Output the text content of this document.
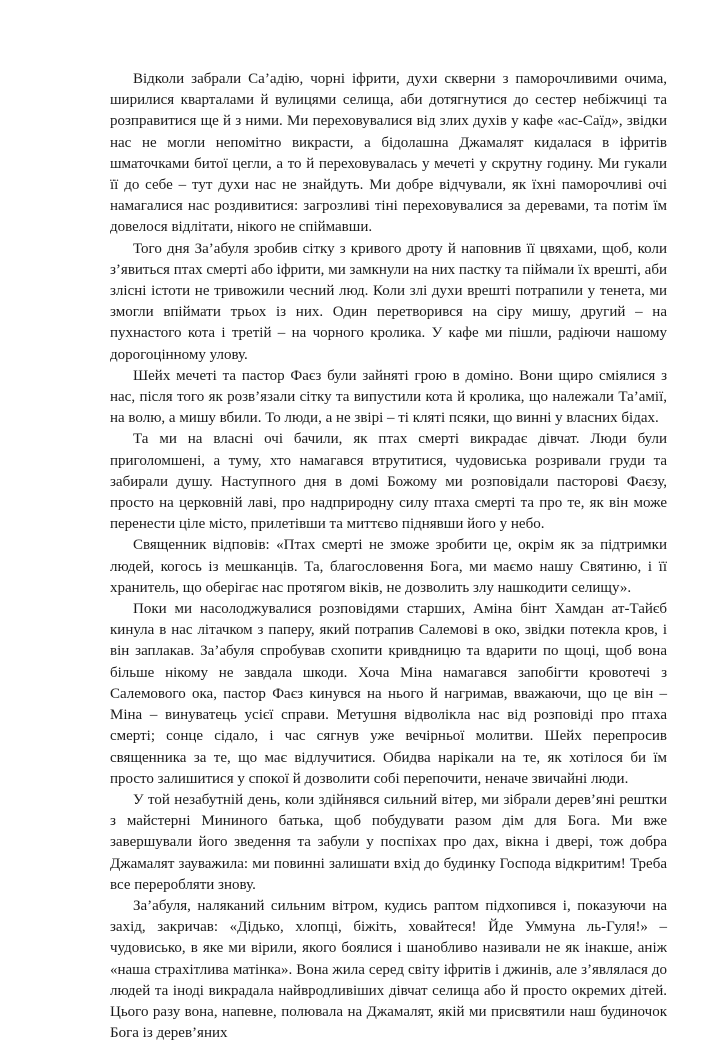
Відколи забрали Са’адію, чорні іфрити, духи скверни з паморочливими очима, ширилися кварталами й вулицями селища, аби дотягнутися до сестер небіжчиці та розправитися ще й з ними. Ми переховувалися від злих духів у кафе «ас-Саїд», звідки нас не могли непомітно викрасти, а бідолашна Джамалят кидалася в іфритів шматочками битої цегли, а то й переховувалась у мечеті у скрутну годину. Ми гукали її до себе – тут духи нас не знайдуть. Ми добре відчували, як їхні паморочливі очі намагалися нас роздивитися: загрозливі тіні переховувалися за деревами, та потім їм довелося відлітати, нікого не спіймавши.

Того дня За’абуля зробив сітку з кривого дроту й наповнив її цвяхами, щоб, коли з’явиться птах смерті або іфрити, ми замкнули на них пастку та піймали їх врешті, аби злісні істоти не тривожили чесний люд. Коли злі духи врешті потрапили у тенета, ми змогли впіймати трьох із них. Один перетворився на сіру мишу, другий – на пухнастого кота і третій – на чорного кролика. У кафе ми пішли, радіючи нашому дорогоцінному улову.

Шейх мечеті та пастор Фаєз були зайняті грою в доміно. Вони щиро сміялися з нас, після того як розв’язали сітку та випустили кота й кролика, що належали Та’амії, на волю, а мишу вбили. То люди, а не звірі – ті кляті псяки, що винні у власних бідах.

Та ми на власні очі бачили, як птах смерті викрадає дівчат. Люди були приголомшені, а туму, хто намагався втрутитися, чудовиська розривали груди та забирали душу. Наступного дня в домі Божому ми розповідали пасторові Фаєзу, просто на церковній лаві, про надприродну силу птаха смерті та про те, як він може перенести ціле місто, прилетівши та миттєво піднявши його у небо.

Священник відповів: «Птах смерті не зможе зробити це, окрім як за підтримки людей, когось із мешканців. Та, благословення Бога, ми маємо нашу Святиню, і її хранитель, що оберігає нас протягом віків, не дозволить злу нашкодити селищу».

Поки ми насолоджувалися розповідями старших, Аміна бінт Хамдан ат-Тайєб кинула в нас літачком з паперу, який потрапив Салемові в око, звідки потекла кров, і він заплакав. За’абуля спробував схопити кривдницю та вдарити по щоці, щоб вона більше нікому не завдала шкоди. Хоча Міна намагався запобігти кровотечі з Салемового ока, пастор Фаєз кинувся на нього й нагримав, вважаючи, що це він – Міна – винуватець усієї справи. Метушня відволікла нас від розповіді про птаха смерті; сонце сідало, і час сягнув уже вечірньої молитви. Шейх перепросив священника за те, що має відлучитися. Обидва нарікали на те, як хотілося би їм просто залишитися у спокої й дозволити собі перепочити, неначе звичайні люди.

У той незабутній день, коли здійнявся сильний вітер, ми зібрали дерев’яні рештки з майстерні Мининого батька, щоб побудувати разом дім для Бога. Ми вже завершували його зведення та забули у поспіхах про дах, вікна і двері, тож добра Джамалят зауважила: ми повинні залишати вхід до будинку Господа відкритим! Треба все переробляти знову.

За’абуля, наляканий сильним вітром, кудись раптом підхопився і, показуючи на захід, закричав: «Дідько, хлопці, біжіть, ховайтеся! Йде Уммуна ль-Гуля!» – чудовисько, в яке ми вірили, якого боялися і шанобливо називали не як інакше, аніж «наша страхітлива матінка». Вона жила серед світу іфритів і джинів, але з’являлася до людей та іноді викрадала найвродливіших дівчат селища або й просто окремих дітей. Цього разу вона, напевне, полювала на Джамалят, якій ми присвятили наш будиночок Бога із дерев’яних
